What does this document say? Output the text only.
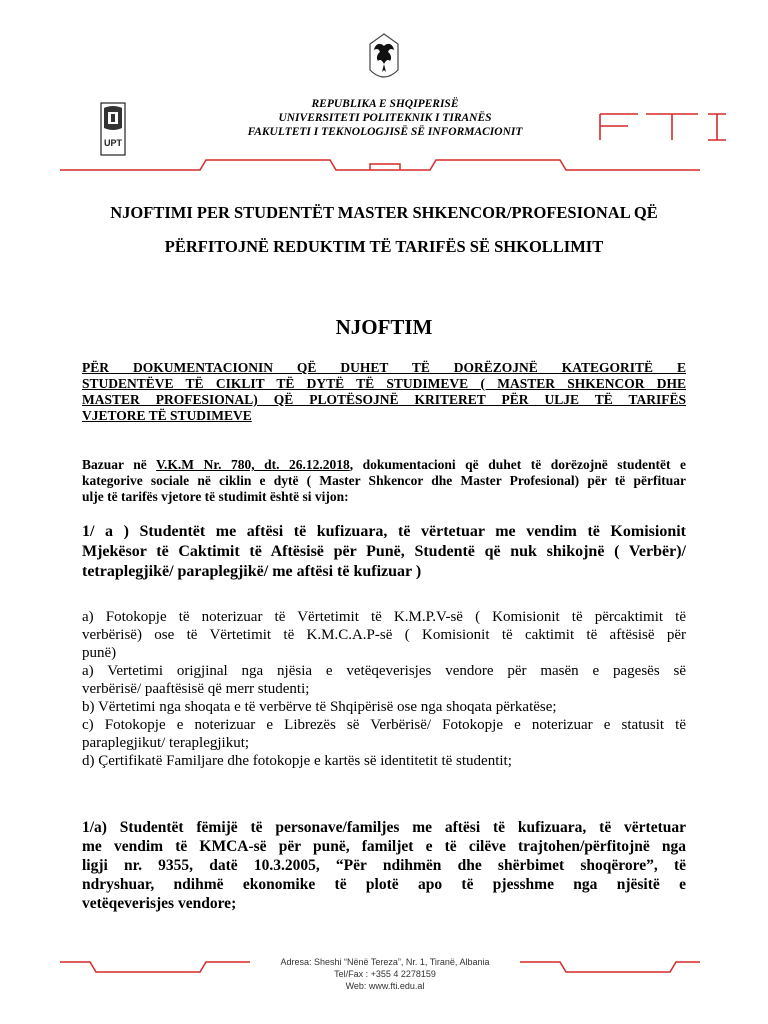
UPT
REPUBLIKA E SHQIPERISË
UNIVERSITETI POLITEKNIK I TIRANËS
FAKULTETI I TEKNOLOGJISË SË INFORMACIONIT
NJOFTIMI PER STUDENTËT MASTER SHKENCOR/PROFESIONAL QË
PËRFITOJNË REDUKTIM TË TARIFËS SË SHKOLLIMIT
NJOFTIM
PËR DOKUMENTACIONIN QË DUHET TË DORËZOJNË KATEGORITË E
STUDENTËVE TË CIKLIT TË DYTË TË STUDIMEVE ( MASTER SHKENCOR DHE
MASTER PROFESIONAL) QË PLOTËSOJNË KRITERET PËR ULJE TË TARIFËS
VJETORE TË STUDIMEVE
Bazuar në V.K.M Nr. 780, dt. 26.12.2018, dokumentacioni që duhet të dorëzojnë studentët e
kategorive sociale në ciklin e dytë ( Master Shkencor dhe Master Profesional) për të përfituar
ulje të tarifës vjetore të studimit është si vijon:
1/ a ) Studentët me aftësi të kufizuara, të vërtetuar me vendim të Komisionit
Mjekësor të Caktimit të Aftësisë për Punë, Studentë që nuk shikojnë ( Verbër)/
tetraplegjikë/ paraplegjikë/ me aftësi të kufizuar )
a) Fotokopje të noterizuar të Vërtetimit të K.M.P.V-së ( Komisionit të përcaktimit të
verbërisë) ose të Vërtetimit të K.M.C.A.P-së ( Komisionit të caktimit të aftësisë për
punë)
a) Vertetimi origjinal nga njësia e vetëqeverisjes vendore për masën e pagesës së
verbërisë/ paaftësisë që merr studenti;
b) Vërtetimi nga shoqata e të verbërve të Shqipërisë ose nga shoqata përkatëse;
c) Fotokopje e noterizuar e Librezës së Verbërisë/ Fotokopje e noterizuar e statusit të
paraplegjikut/ teraplegjikut;
d) Çertifikatë Familjare dhe fotokopje e kartës së identitetit të studentit;
1/a) Studentët fëmijë të personave/familjes me aftësi të kufizuara, të vërtetuar
me vendim të KMCA-së për punë, familjet e të cilëve trajtohen/përfitojnë nga
ligji nr. 9355, datë 10.3.2005, “Për ndihmën dhe shërbimet shoqërore”, të
ndryshuar, ndihmë ekonomike të plotë apo të pjesshme nga njësitë e
vetëqeverisjes vendore;
Adresa: Sheshi “Nënë Tereza”, Nr. 1, Tiranë, Albania
Tel/Fax : +355 4 2278159
Web: www.fti.edu.al
